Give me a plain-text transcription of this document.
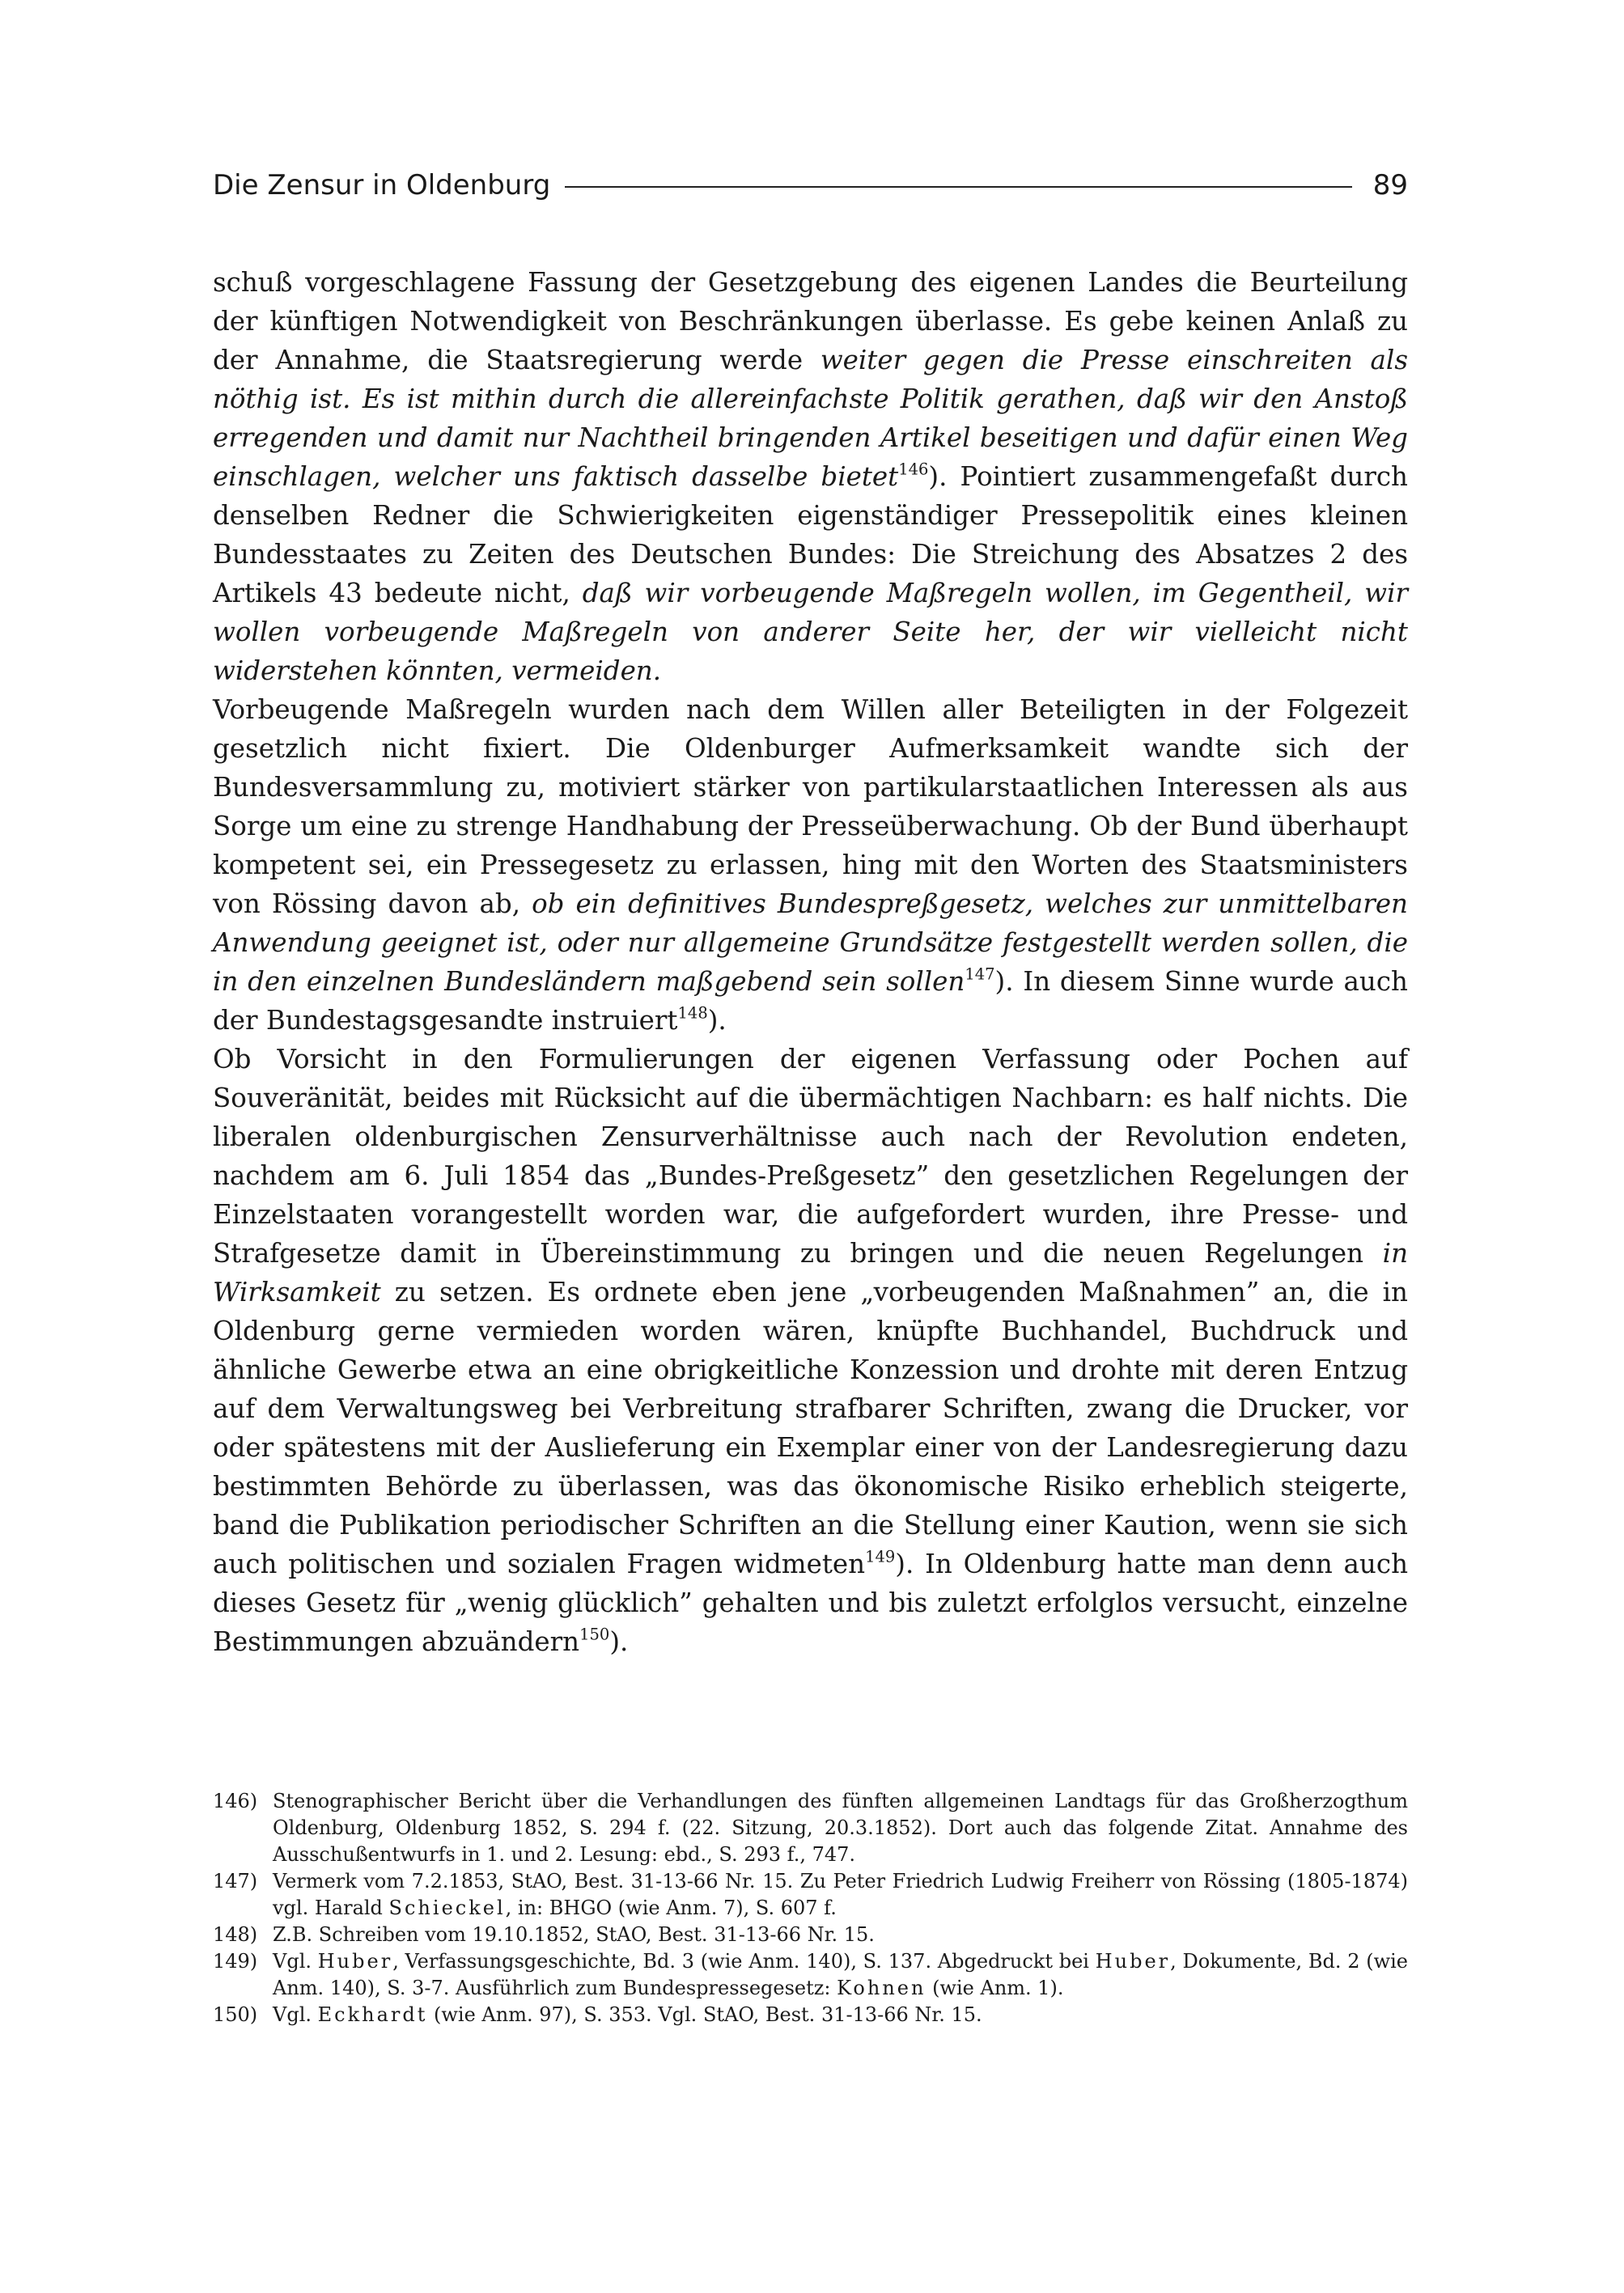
Die Zensur in Oldenburg	89

schuß vorgeschlagene Fassung der Gesetzgebung des eigenen Landes die Beurteilung der künftigen Notwendigkeit von Beschränkungen überlasse. Es gebe keinen Anlaß zu der Annahme, die Staatsregierung werde weiter gegen die Presse einschreiten als nöthig ist. Es ist mithin durch die allereinfachste Politik gerathen, daß wir den Anstoß erregenden und damit nur Nachtheil bringenden Artikel beseitigen und dafür einen Weg einschlagen, welcher uns faktisch dasselbe bietet$^{146}$). Pointiert zusammengefaßt durch denselben Redner die Schwierigkeiten eigenständiger Pressepolitik eines kleinen Bundesstaates zu Zeiten des Deutschen Bundes: Die Streichung des Absatzes 2 des Artikels 43 bedeute nicht, daß wir vorbeugende Maßregeln wollen, im Gegentheil, wir wollen vorbeugende Maßregeln von anderer Seite her, der wir vielleicht nicht widerstehen könnten, vermeiden.

Vorbeugende Maßregeln wurden nach dem Willen aller Beteiligten in der Folgezeit gesetzlich nicht fixiert. Die Oldenburger Aufmerksamkeit wandte sich der Bundesversammlung zu, motiviert stärker von partikularstaatlichen Interessen als aus Sorge um eine zu strenge Handhabung der Presseüberwachung. Ob der Bund überhaupt kompetent sei, ein Pressegesetz zu erlassen, hing mit den Worten des Staatsministers von Rössing davon ab, ob ein definitives Bundespreßgesetz, welches zur unmittelbaren Anwendung geeignet ist, oder nur allgemeine Grundsätze festgestellt werden sollen, die in den einzelnen Bundesländern maßgebend sein sollen$^{147}$). In diesem Sinne wurde auch der Bundestagsgesandte instruiert$^{148}$).

Ob Vorsicht in den Formulierungen der eigenen Verfassung oder Pochen auf Souveränität, beides mit Rücksicht auf die übermächtigen Nachbarn: es half nichts. Die liberalen oldenburgischen Zensurverhältnisse auch nach der Revolution endeten, nachdem am 6. Juli 1854 das „Bundes-Preßgesetz” den gesetzlichen Regelungen der Einzelstaaten vorangestellt worden war, die aufgefordert wurden, ihre Presse- und Strafgesetze damit in Übereinstimmung zu bringen und die neuen Regelungen in Wirksamkeit zu setzen. Es ordnete eben jene „vorbeugenden Maßnahmen” an, die in Oldenburg gerne vermieden worden wären, knüpfte Buchhandel, Buchdruck und ähnliche Gewerbe etwa an eine obrigkeitliche Konzession und drohte mit deren Entzug auf dem Verwaltungsweg bei Verbreitung strafbarer Schriften, zwang die Drucker, vor oder spätestens mit der Auslieferung ein Exemplar einer von der Landesregierung dazu bestimmten Behörde zu überlassen, was das ökonomische Risiko erheblich steigerte, band die Publikation periodischer Schriften an die Stellung einer Kaution, wenn sie sich auch politischen und sozialen Fragen widmeten$^{149}$). In Oldenburg hatte man denn auch dieses Gesetz für „wenig glücklich” gehalten und bis zuletzt erfolglos versucht, einzelne Bestimmungen abzuändern$^{150}$).

146) Stenographischer Bericht über die Verhandlungen des fünften allgemeinen Landtags für das Großherzogthum Oldenburg, Oldenburg 1852, S. 294 f. (22. Sitzung, 20.3.1852). Dort auch das folgende Zitat. Annahme des Ausschußentwurfs in 1. und 2. Lesung: ebd., S. 293 f., 747.
147) Vermerk vom 7.2.1853, StAO, Best. 31-13-66 Nr. 15. Zu Peter Friedrich Ludwig Freiherr von Rössing (1805-1874) vgl. Harald Schieckel, in: BHGO (wie Anm. 7), S. 607 f.
148) Z.B. Schreiben vom 19.10.1852, StAO, Best. 31-13-66 Nr. 15.
149) Vgl. Huber, Verfassungsgeschichte, Bd. 3 (wie Anm. 140), S. 137. Abgedruckt bei Huber, Dokumente, Bd. 2 (wie Anm. 140), S. 3-7. Ausführlich zum Bundespressegesetz: Kohnen (wie Anm. 1).
150) Vgl. Eckhardt (wie Anm. 97), S. 353. Vgl. StAO, Best. 31-13-66 Nr. 15.
